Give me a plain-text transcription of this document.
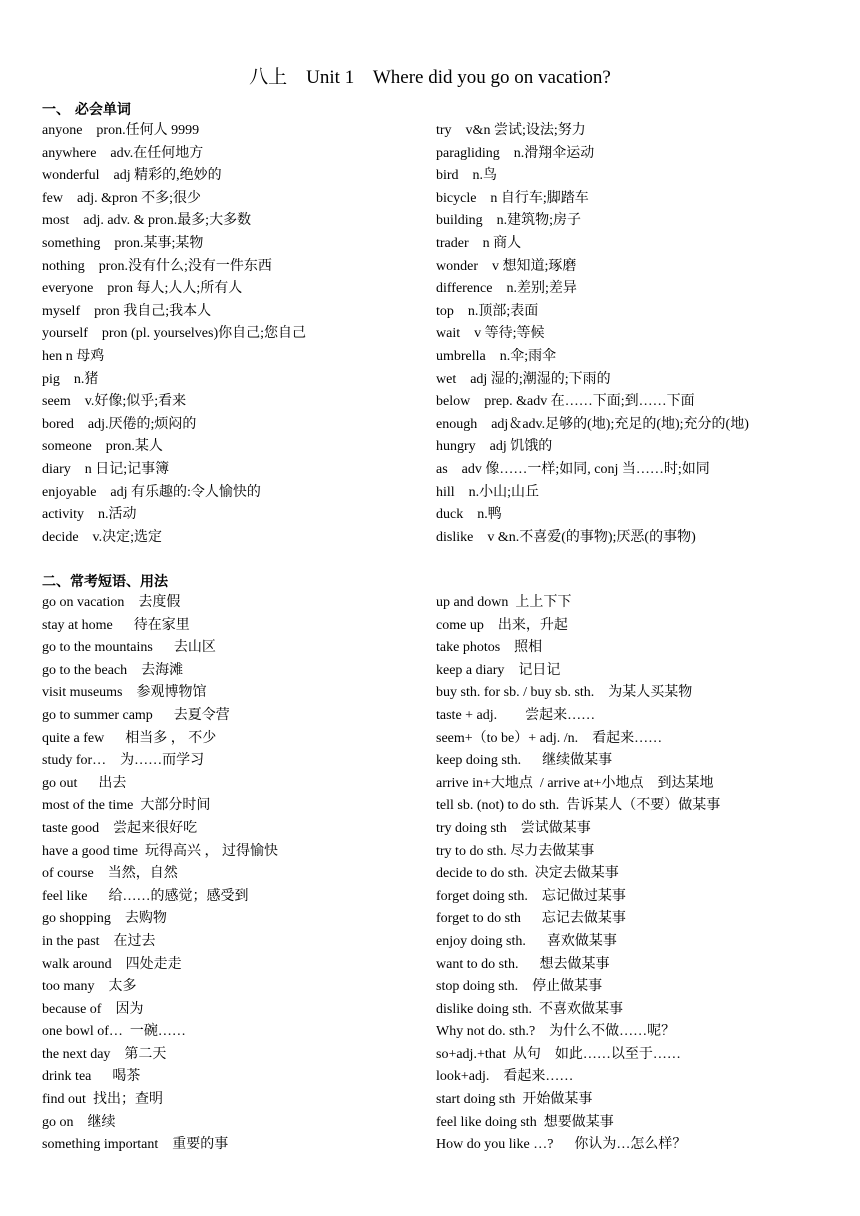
八上    Unit 1    Where did you go on vacation?
一、 必会单词
anyone    pron.任何人 9999
anywhere    adv.在任何地方
wonderful    adj 精彩的,绝妙的
few    adj. &pron 不多;很少
most    adj. adv. & pron.最多;大多数
something    pron.某事;某物
nothing    pron.没有什么;没有一件东西
everyone    pron 每人;人人;所有人
myself    pron 我自己;我本人
yourself    pron (pl. yourselves)你自己;您自己
hen n 母鸡
pig    n.猪
seem    v.好像;似乎;看来
bored    adj.厌倦的;烦闷的
someone    pron.某人
diary    n 日记;记事簿
enjoyable    adj 有乐趣的:令人愉快的
activity    n.活动
decide    v.决定;选定
try    v&n 尝试;设法;努力
paragliding    n.滑翔伞运动
bird    n.鸟
bicycle    n 自行车;脚踏车
building    n.建筑物;房子
trader    n 商人
wonder    v 想知道;琢磨
difference    n.差别;差异
top    n.顶部;表面
wait    v 等待;等候
umbrella    n.伞;雨伞
wet    adj 湿的;潮湿的;下雨的
below    prep. &adv 在……下面;到……下面
enough    adj＆adv.足够的(地);充足的(地);充分的(地)
hungry    adj 饥饿的
as    adv 像……一样;如同, conj 当……时;如同
hill    n.小山;山丘
duck    n.鸭
dislike    v &n.不喜爱(的事物);厌恶(的事物)
二、常考短语、用法
go on vacation    去度假
stay at home      待在家里
go to the mountains      去山区
go to the beach    去海滩
visit museums    参观博物馆
go to summer camp      去夏令营
quite a few      相当多 ， 不少
study for…    为……而学习
go out      出去
most of the time  大部分时间
taste good    尝起来很好吃
have a good time  玩得高兴 ， 过得愉快
of course    当然，自然
feel like      给……的感觉；感受到
go shopping    去购物
in the past    在过去
walk around    四处走走
too many    太多
because of    因为
one bowl of…  一碗……
the next day    第二天
drink tea      喝茶
find out  找出；查明
go on    继续
something important    重要的事
up and down  上上下下
come up    出来，升起
take photos    照相
keep a diary    记日记
buy sth. for sb. / buy sb. sth.    为某人买某物
taste + adj.        尝起来……
seem+（to be）+ adj. /n.    看起来……
keep doing sth.      继续做某事
arrive in+大地点  / arrive at+小地点    到达某地
tell sb. (not) to do sth.  告诉某人（不要）做某事
try doing sth    尝试做某事
try to do sth. 尽力去做某事
decide to do sth.  决定去做某事
forget doing sth.    忘记做过某事
forget to do sth      忘记去做某事
enjoy doing sth.      喜欢做某事
want to do sth.      想去做某事
stop doing sth.    停止做某事
dislike doing sth.  不喜欢做某事
Why not do. sth.?    为什么不做……呢？
so+adj.+that  从句    如此……以至于……
look+adj.    看起来……
start doing sth  开始做某事
feel like doing sth  想要做某事
How do you like …?      你认为…怎么样？
